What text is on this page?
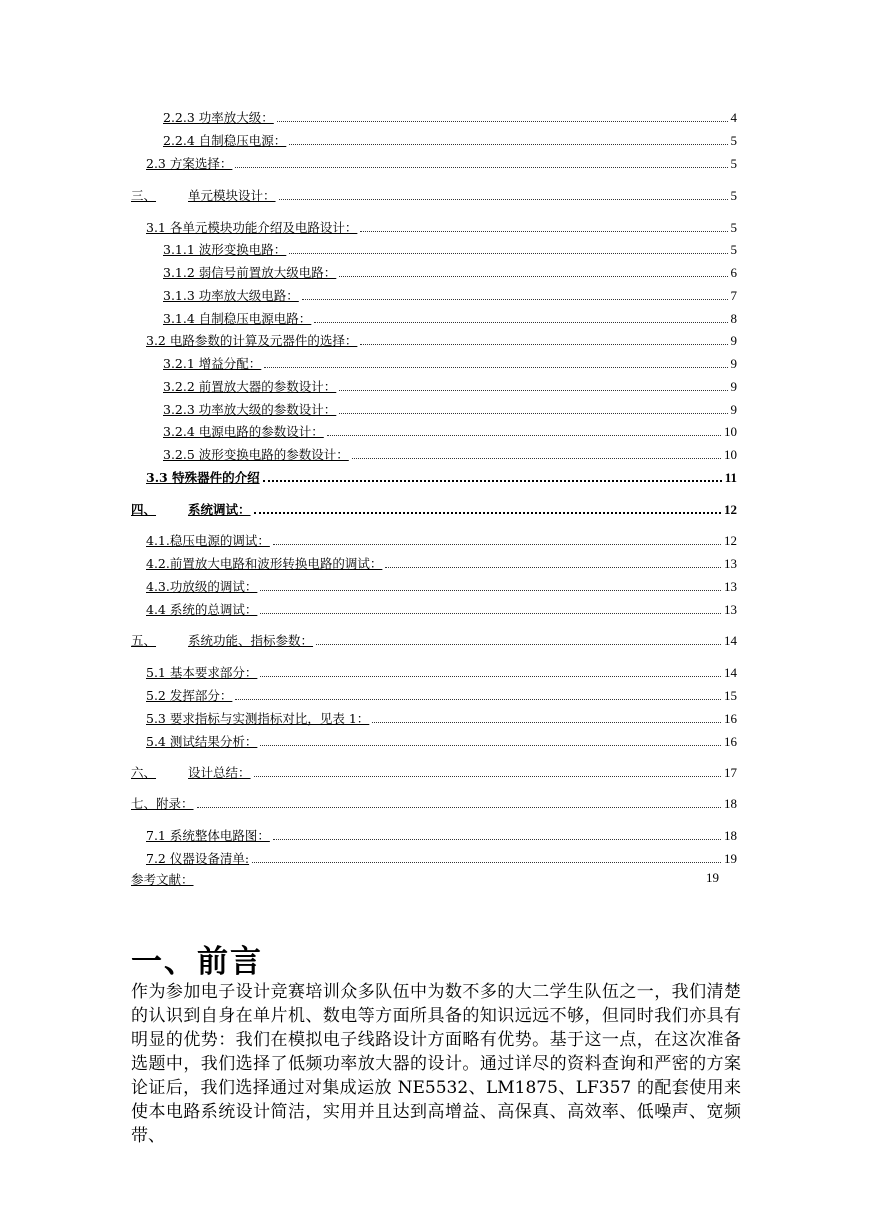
2.2.3 功率放大级：	4
2.2.4 自制稳压电源：	5
2.3 方案选择：	5
三、	单元模块设计：	5
3.1 各单元模块功能介绍及电路设计：	5
3.1.1 波形变换电路：	5
3.1.2 弱信号前置放大级电路：	6
3.1.3 功率放大级电路：	7
3.1.4 自制稳压电源电路：	8
3.2 电路参数的计算及元器件的选择：	9
3.2.1 增益分配：	9
3.2.2 前置放大器的参数设计：	9
3.2.3 功率放大级的参数设计：	9
3.2.4 电源电路的参数设计：	10
3.2.5 波形变换电路的参数设计：	10
3.3 特殊器件的介绍	11
四、	系统调试：	12
4.1.稳压电源的调试：	12
4.2.前置放大电路和波形转换电路的调试：	13
4.3.功放级的调试：	13
4.4 系统的总调试：	13
五、	系统功能、指标参数：	14
5.1 基本要求部分：	14
5.2 发挥部分：	15
5.3 要求指标与实测指标对比，见表 1：	16
5.4 测试结果分析：	16
六、	设计总结：	17
七、附录：	18
7.1 系统整体电路图：	18
7.2 仪器设备清单:	19
参考文献：	19
一、前言
作为参加电子设计竞赛培训众多队伍中为数不多的大二学生队伍之一，我们清楚的认识到自身在单片机、数电等方面所具备的知识远远不够，但同时我们亦具有明显的优势：我们在模拟电子线路设计方面略有优势。基于这一点，在这次准备选题中，我们选择了低频功率放大器的设计。通过详尽的资料查询和严密的方案论证后，我们选择通过对集成运放 NE5532、LM1875、LF357 的配套使用来使本电路系统设计简洁，实用并且达到高增益、高保真、高效率、低噪声、宽频带、
